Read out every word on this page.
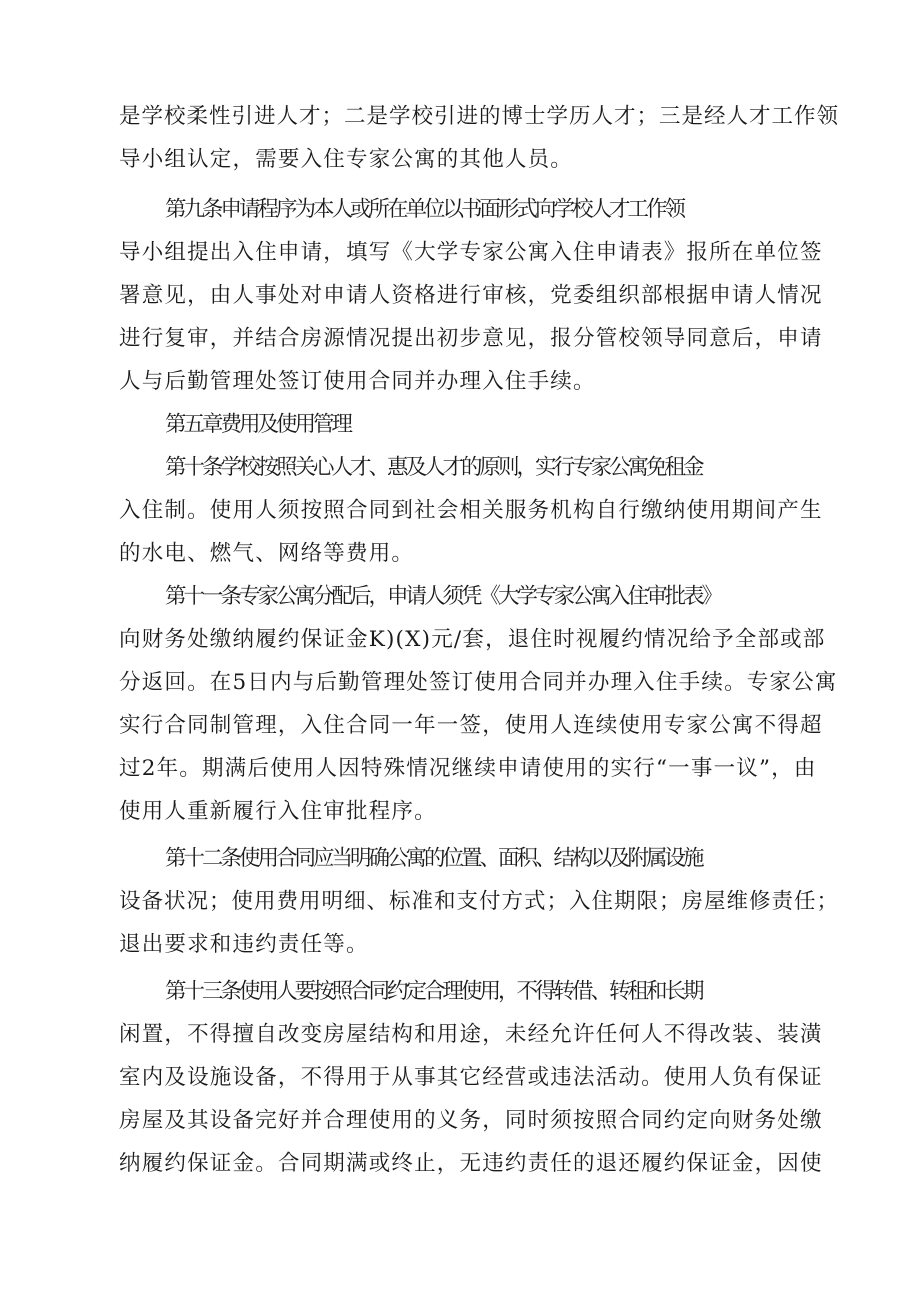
是学校柔性引进人才；二是学校引进的博士学历人才；三是经人才工作领
导小组认定，需要入住专家公寓的其他人员。
第九条申请程序为本人或所在单位以书面形式向学校人才工作领
导小组提出入住申请，填写《大学专家公寓入住申请表》报所在单位签
署意见，由人事处对申请人资格进行审核，党委组织部根据申请人情况
进行复审，并结合房源情况提出初步意见，报分管校领导同意后，申请
人与后勤管理处签订使用合同并办理入住手续。
第五章费用及使用管理
第十条学校按照关心人才、惠及人才的原则，实行专家公寓免租金
入住制。使用人须按照合同到社会相关服务机构自行缴纳使用期间产生
的水电、燃气、网络等费用。
第十一条专家公寓分配后，申请人须凭《大学专家公寓入住审批表》
向财务处缴纳履约保证金K)(X)元/套，退住时视履约情况给予全部或部
分返回。在5日内与后勤管理处签订使用合同并办理入住手续。专家公寓
实行合同制管理，入住合同一年一签，使用人连续使用专家公寓不得超
过2年。期满后使用人因特殊情况继续申请使用的实行“一事一议”，由
使用人重新履行入住审批程序。
第十二条使用合同应当明确公寓的位置、面积、结构以及附属设施
设备状况；使用费用明细、标准和支付方式；入住期限；房屋维修责任；
退出要求和违约责任等。
第十三条使用人要按照合同约定合理使用，不得转借、转租和长期
闲置，不得擅自改变房屋结构和用途，未经允许任何人不得改装、装潢
室内及设施设备，不得用于从事其它经营或违法活动。使用人负有保证
房屋及其设备完好并合理使用的义务，同时须按照合同约定向财务处缴
纳履约保证金。合同期满或终止，无违约责任的退还履约保证金，因使
